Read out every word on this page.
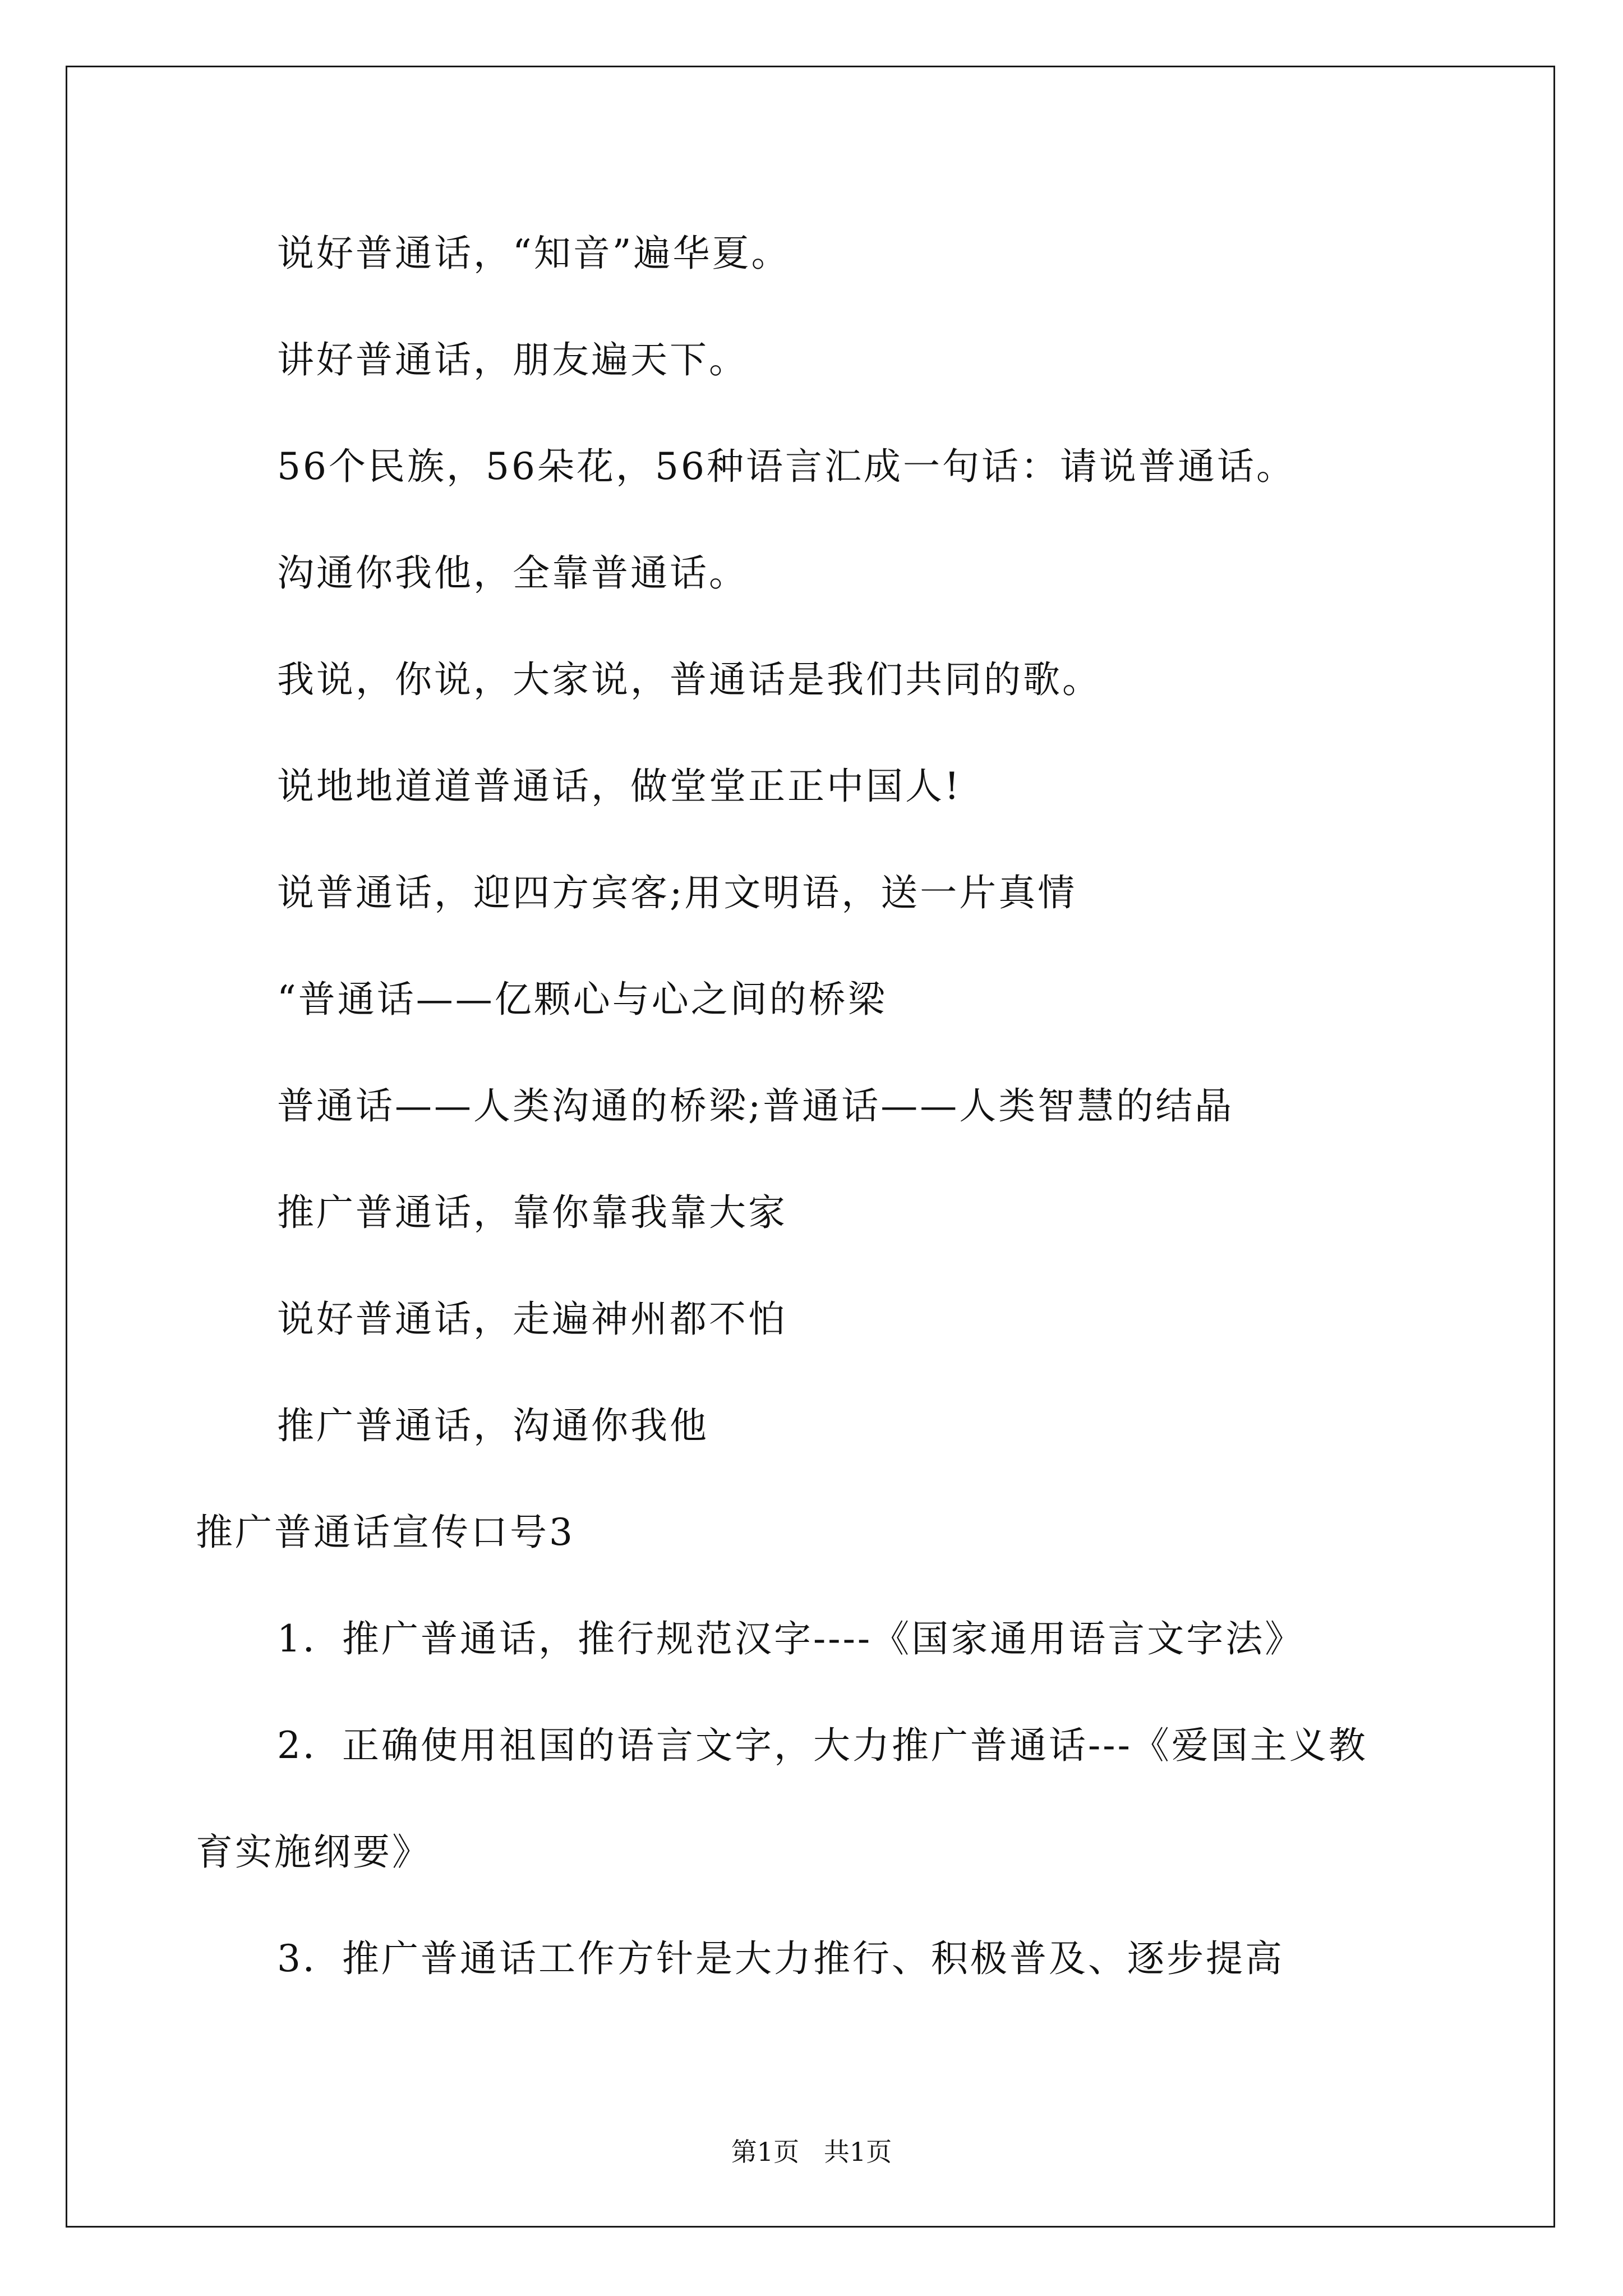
说好普通话，“知音”遍华夏。
讲好普通话，朋友遍天下。
56个民族，56朵花，56种语言汇成一句话：请说普通话。
沟通你我他，全靠普通话。
我说，你说，大家说，普通话是我们共同的歌。
说地地道道普通话，做堂堂正正中国人!
说普通话，迎四方宾客;用文明语，送一片真情
“普通话——亿颗心与心之间的桥梁
普通话——人类沟通的桥梁;普通话——人类智慧的结晶
推广普通话，靠你靠我靠大家
说好普通话，走遍神州都不怕
推广普通话，沟通你我他
推广普通话宣传口号3
1．推广普通话，推行规范汉字----《国家通用语言文字法》
2．正确使用祖国的语言文字，大力推广普通话---《爱国主义教
育实施纲要》
3．推广普通话工作方针是大力推行、积极普及、逐步提高
第1页   共1页
